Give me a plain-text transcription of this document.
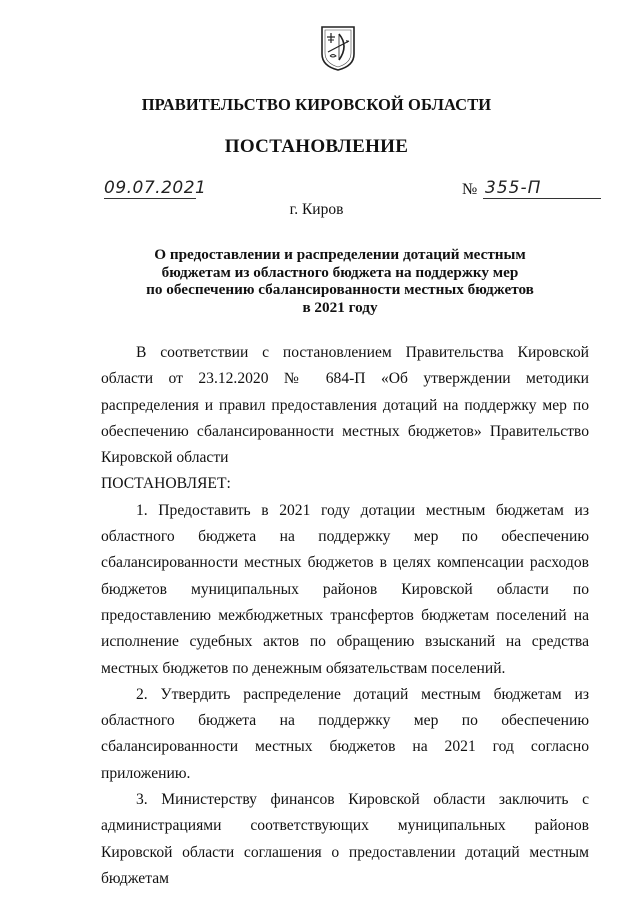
ПРАВИТЕЛЬСТВО КИРОВСКОЙ ОБЛАСТИ
ПОСТАНОВЛЕНИЕ
09.07.2021	№ 355-П
г. Киров
О предоставлении и распределении дотаций местным
бюджетам из областного бюджета на поддержку мер
по обеспечению сбалансированности местных бюджетов
в 2021 году

В соответствии с постановлением Правительства Кировской области от 23.12.2020 № 684-П «Об утверждении методики распределения и правил предоставления дотаций на поддержку мер по обеспечению сбалансированности местных бюджетов» Правительство Кировской области

ПОСТАНОВЛЯЕТ:

1. Предоставить в 2021 году дотации местным бюджетам из областного бюджета на поддержку мер по обеспечению сбалансированности местных бюджетов в целях компенсации расходов бюджетов муниципальных районов Кировской области по предоставлению межбюджетных трансфертов бюджетам поселений на исполнение судебных актов по обращению взысканий на средства местных бюджетов по денежным обязательствам поселений.

2. Утвердить распределение дотаций местным бюджетам из областного бюджета на поддержку мер по обеспечению сбалансированности местных бюджетов на 2021 год согласно приложению.

3. Министерству финансов Кировской области заключить с администрациями соответствующих муниципальных районов Кировской области соглашения о предоставлении дотаций местным бюджетам
